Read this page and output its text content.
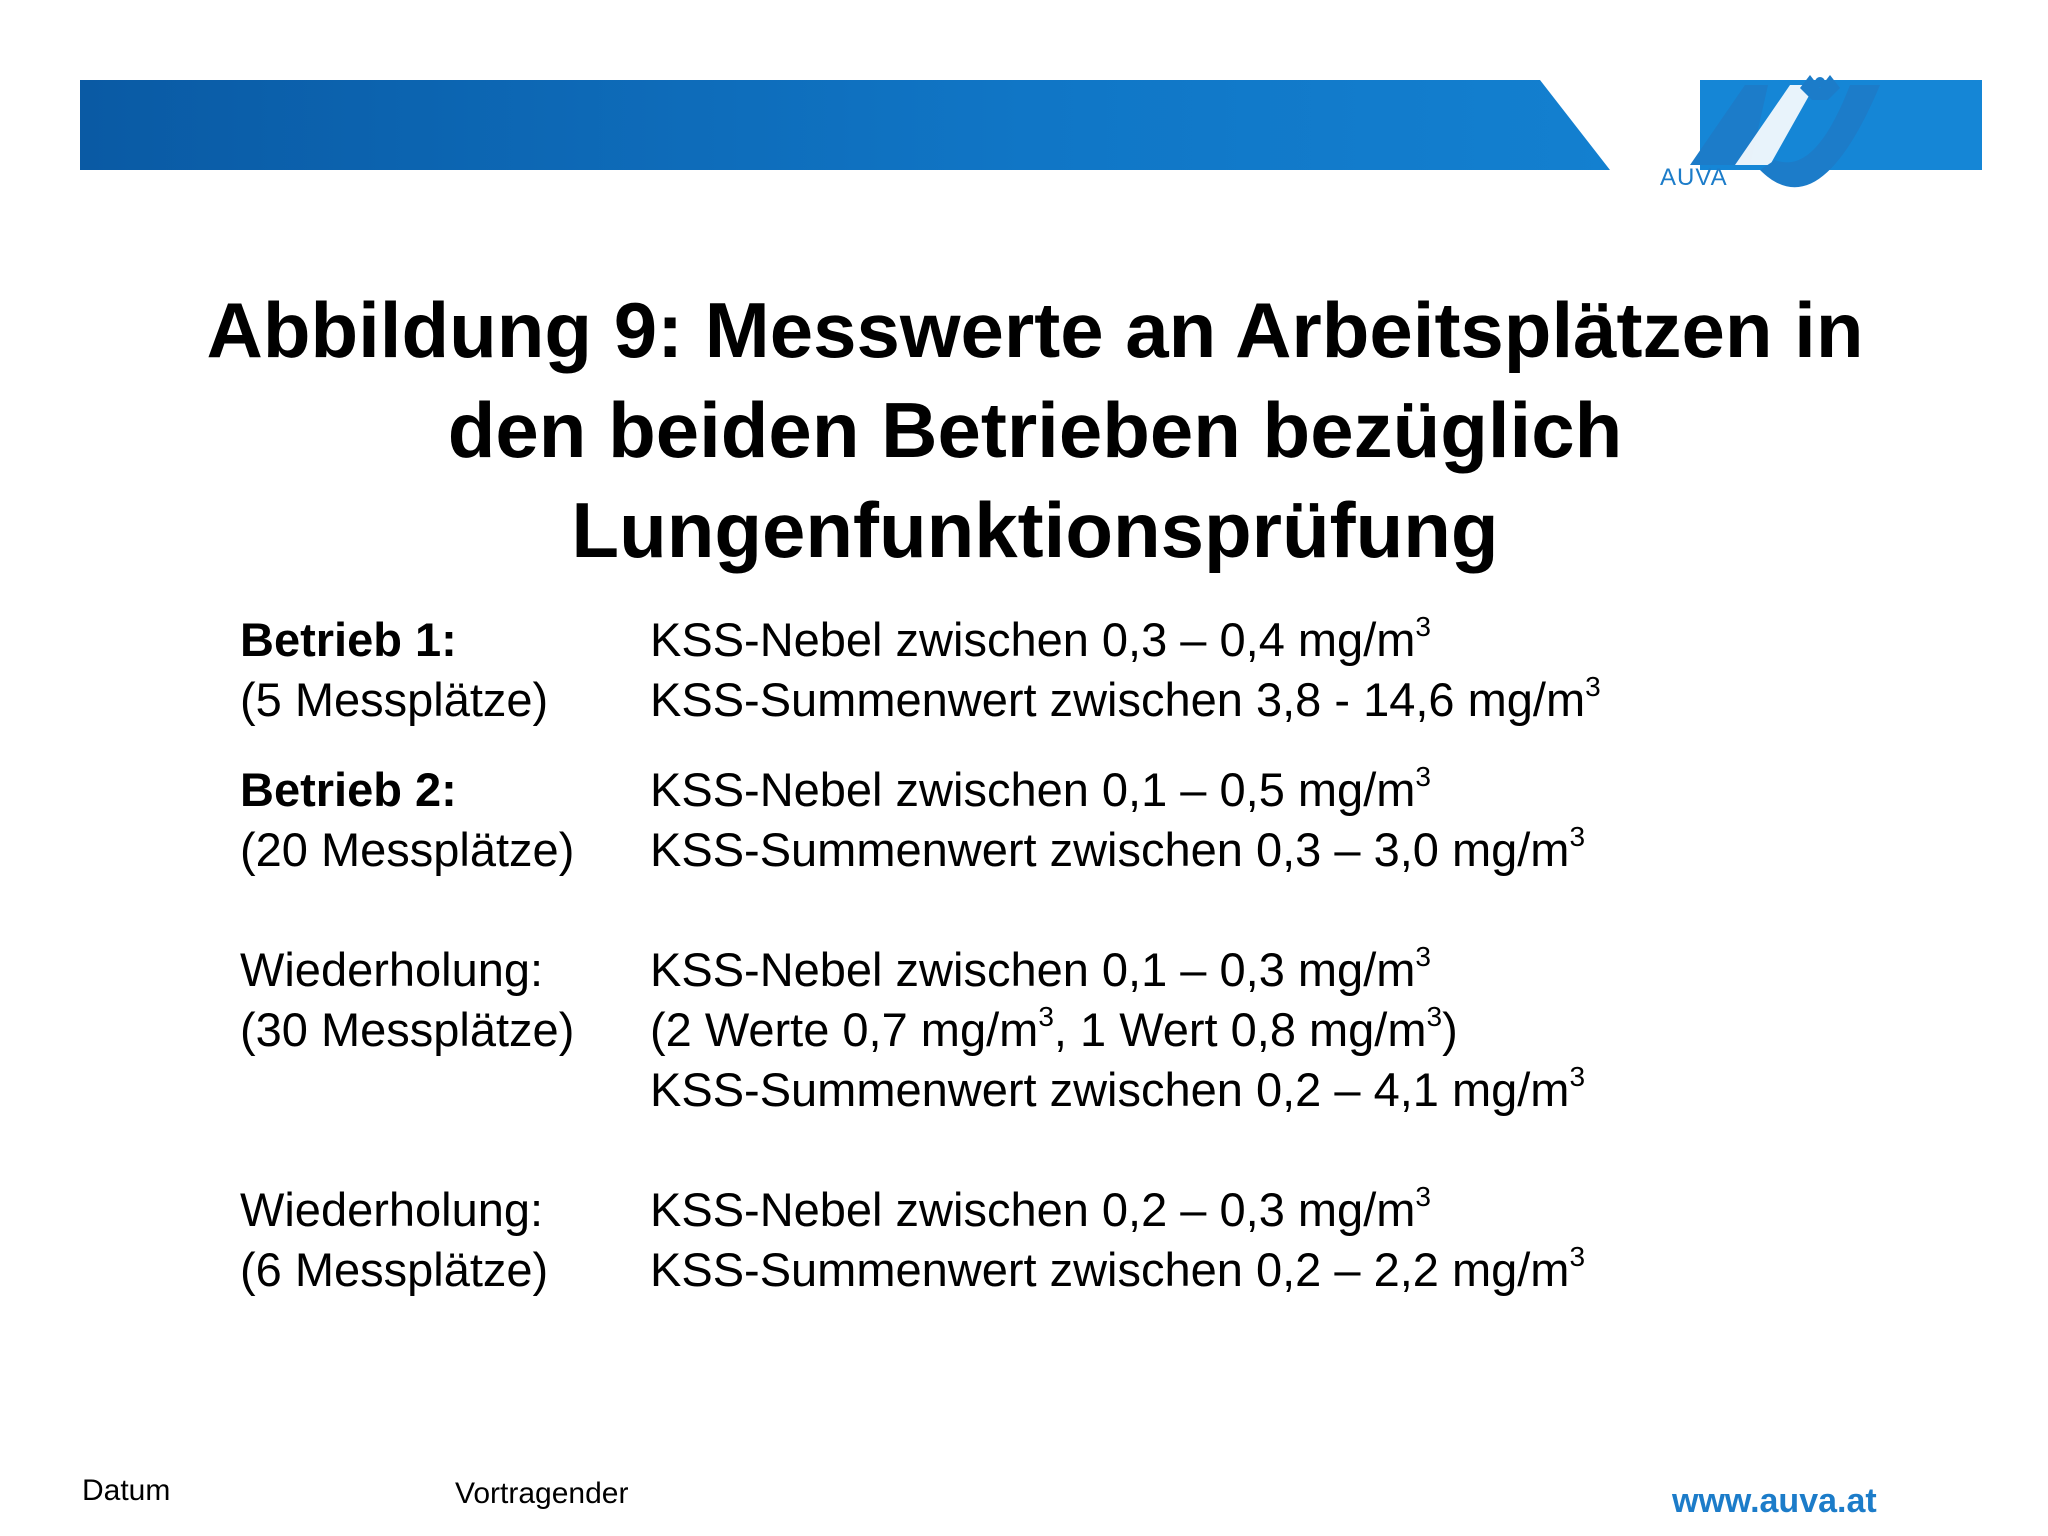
AUVA
Abbildung 9: Messwerte an Arbeitsplätzen in
den beiden Betrieben bezüglich
Lungenfunktionsprüfung
Betrieb 1:	KSS-Nebel zwischen 0,3 – 0,4 $mg/m^3$
(5 Messplätze)	KSS-Summenwert zwischen 3,8 - 14,6 $mg/m^3$
Betrieb 2:	KSS-Nebel zwischen 0,1 – 0,5 $mg/m^3$
(20 Messplätze)	KSS-Summenwert zwischen 0,3 – 3,0 $mg/m^3$
Wiederholung:	KSS-Nebel zwischen 0,1 – 0,3 $mg/m^3$
(30 Messplätze)	(2 Werte 0,7 $mg/m^3$, 1 Wert 0,8 $mg/m^3$)
KSS-Summenwert zwischen 0,2 – 4,1 $mg/m^3$
Wiederholung:	KSS-Nebel zwischen 0,2 – 0,3 $mg/m^3$
(6 Messplätze)	KSS-Summenwert zwischen 0,2 – 2,2 $mg/m^3$
Datum	Vortragender	www.auva.at
